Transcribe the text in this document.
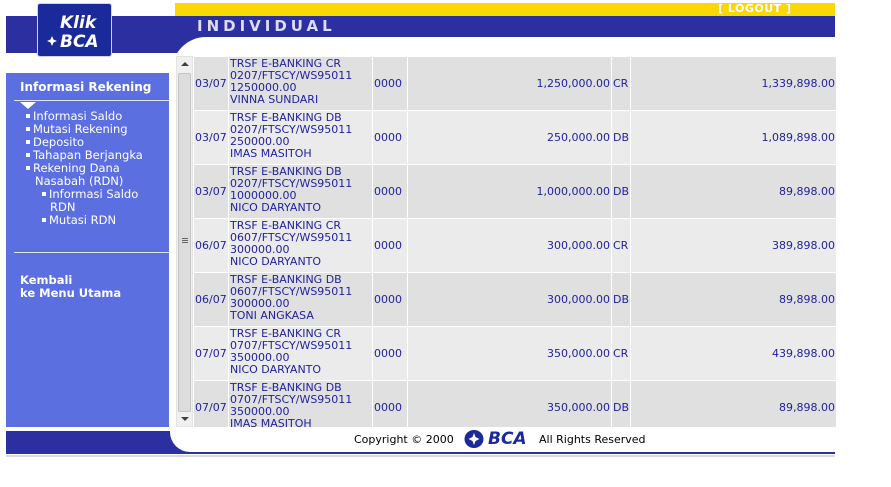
[ LOGOUT ]
INDIVIDUAL
Klik
BCA
Informasi Rekening
Informasi Saldo
Mutasi Rekening
Deposito
Tahapan Berjangka
Rekening Dana
Nasabah (RDN)
Informasi Saldo
RDN
Mutasi RDN
Kembali
ke Menu Utama
03/07	TRSF E-BANKING CR
0207/FTSCY/WS95011
1250000.00
VINNA SUNDARI	0000	1,250,000.00	CR	1,339,898.00
03/07	TRSF E-BANKING DB
0207/FTSCY/WS95011
250000.00
IMAS MASITOH	0000	250,000.00	DB	1,089,898.00
03/07	TRSF E-BANKING DB
0207/FTSCY/WS95011
1000000.00
NICO DARYANTO	0000	1,000,000.00	DB	89,898.00
06/07	TRSF E-BANKING CR
0607/FTSCY/WS95011
300000.00
NICO DARYANTO	0000	300,000.00	CR	389,898.00
06/07	TRSF E-BANKING DB
0607/FTSCY/WS95011
300000.00
TONI ANGKASA	0000	300,000.00	DB	89,898.00
07/07	TRSF E-BANKING CR
0707/FTSCY/WS95011
350000.00
NICO DARYANTO	0000	350,000.00	CR	439,898.00
07/07	TRSF E-BANKING DB
0707/FTSCY/WS95011
350000.00
IMAS MASITOH	0000	350,000.00	DB	89,898.00
Copyright © 2000 BCA All Rights Reserved
